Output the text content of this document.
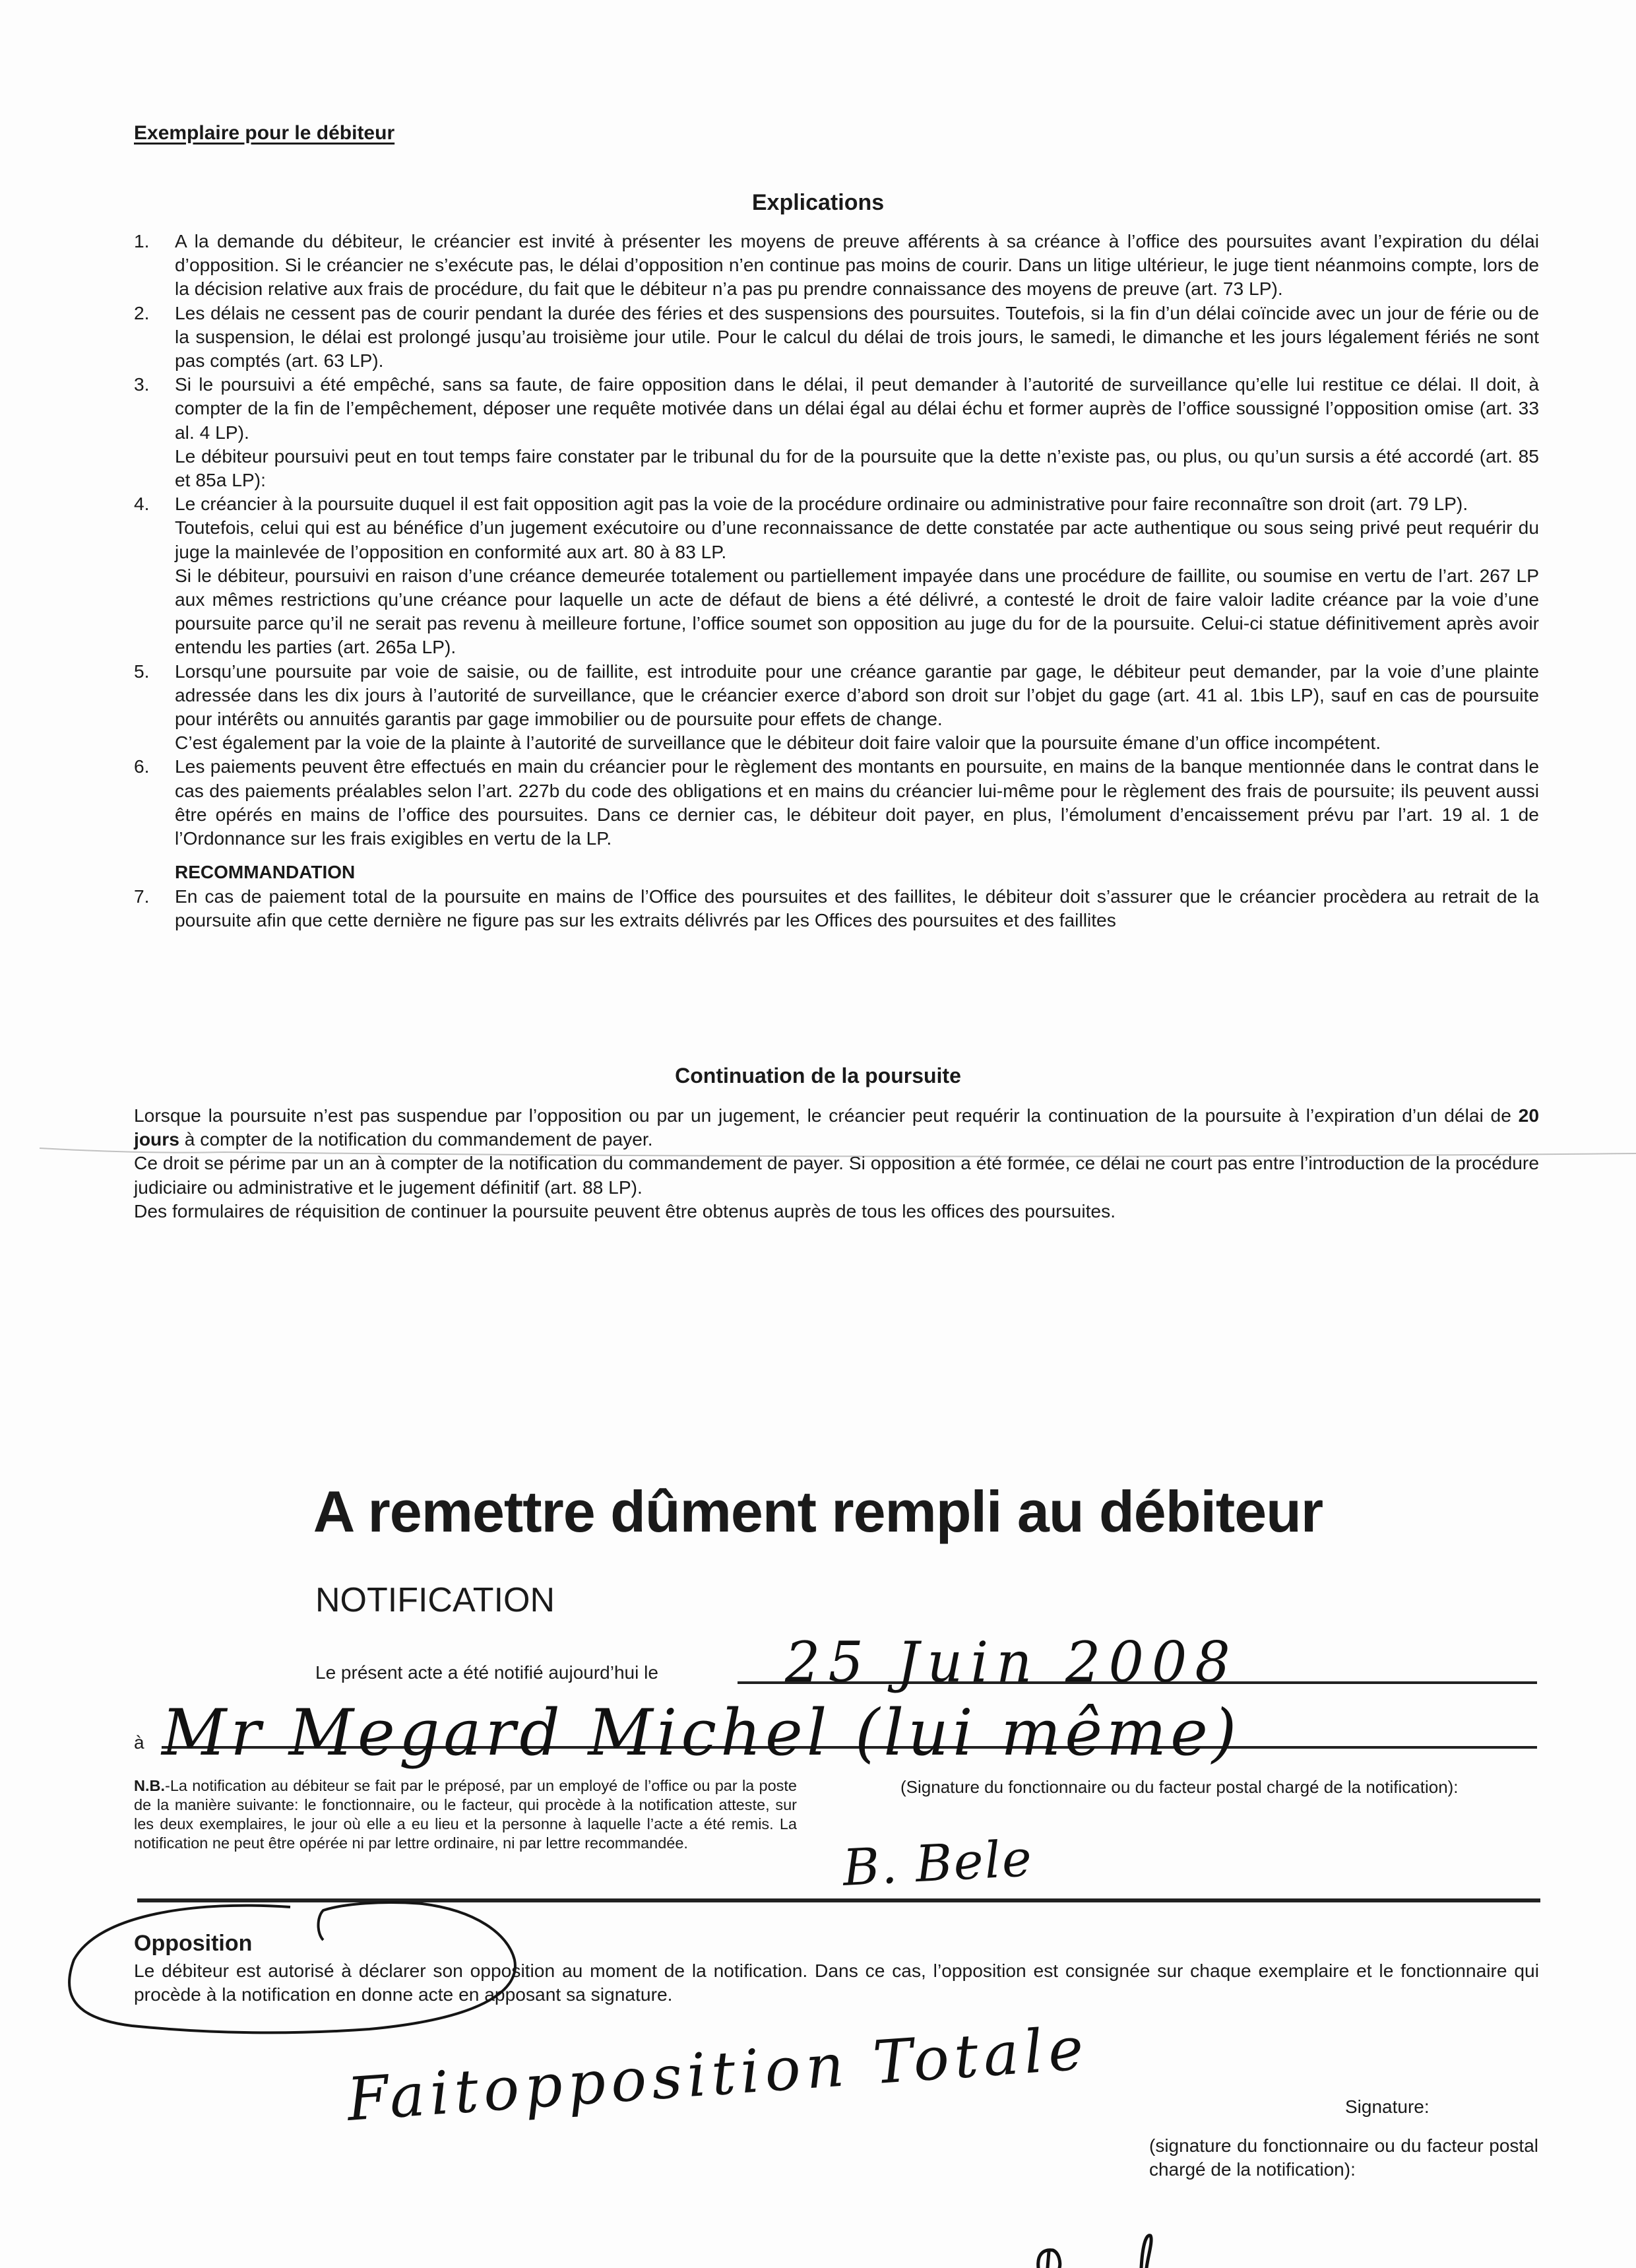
Exemplaire pour le débiteur
Explications
1. A la demande du débiteur, le créancier est invité à présenter les moyens de preuve afférents à sa créance à l’office des poursuites avant l’expiration du délai d’opposition. Si le créancier ne s’exécute pas, le délai d’opposition n’en continue pas moins de courir. Dans un litige ultérieur, le juge tient néanmoins compte, lors de la décision relative aux frais de procédure, du fait que le débiteur n’a pas pu prendre connaissance des moyens de preuve (art. 73 LP).

2. Les délais ne cessent pas de courir pendant la durée des féries et des suspensions des poursuites. Toutefois, si la fin d’un délai coïncide avec un jour de férie ou de la suspension, le délai est prolongé jusqu’au troisième jour utile. Pour le calcul du délai de trois jours, le samedi, le dimanche et les jours légalement fériés ne sont pas comptés (art. 63 LP).

3. Si le poursuivi a été empêché, sans sa faute, de faire opposition dans le délai, il peut demander à l’autorité de surveillance qu’elle lui restitue ce délai. Il doit, à compter de la fin de l’empêchement, déposer une requête motivée dans un délai égal au délai échu et former auprès de l’office soussigné l’opposition omise (art. 33 al. 4 LP).

Le débiteur poursuivi peut en tout temps faire constater par le tribunal du for de la poursuite que la dette n’existe pas, ou plus, ou qu’un sursis a été accordé (art. 85 et 85a LP):

4. Le créancier à la poursuite duquel il est fait opposition agit pas la voie de la procédure ordinaire ou administrative pour faire reconnaître son droit (art. 79 LP).

Toutefois, celui qui est au bénéfice d’un jugement exécutoire ou d’une reconnaissance de dette constatée par acte authentique ou sous seing privé peut requérir du juge la mainlevée de l’opposition en conformité aux art. 80 à 83 LP.

Si le débiteur, poursuivi en raison d’une créance demeurée totalement ou partiellement impayée dans une procédure de faillite, ou soumise en vertu de l’art. 267 LP aux mêmes restrictions qu’une créance pour laquelle un acte de défaut de biens a été délivré, a contesté le droit de faire valoir ladite créance par la voie d’une poursuite parce qu’il ne serait pas revenu à meilleure fortune, l’office soumet son opposition au juge du for de la poursuite. Celui-ci statue définitivement après avoir entendu les parties (art. 265a LP).

5. Lorsqu’une poursuite par voie de saisie, ou de faillite, est introduite pour une créance garantie par gage, le débiteur peut demander, par la voie d’une plainte adressée dans les dix jours à l’autorité de surveillance, que le créancier exerce d’abord son droit sur l’objet du gage (art. 41 al. 1bis LP), sauf en cas de poursuite pour intérêts ou annuités garantis par gage immobilier ou de poursuite pour effets de change.

C’est également par la voie de la plainte à l’autorité de surveillance que le débiteur doit faire valoir que la poursuite émane d’un office incompétent.

6. Les paiements peuvent être effectués en main du créancier pour le règlement des montants en poursuite, en mains de la banque mentionnée dans le contrat dans le cas des paiements préalables selon l’art. 227b du code des obligations et en mains du créancier lui-même pour le règlement des frais de poursuite; ils peuvent aussi être opérés en mains de l’office des poursuites. Dans ce dernier cas, le débiteur doit payer, en plus, l’émolument d’encaissement prévu par l’art. 19 al. 1 de l’Ordonnance sur les frais exigibles en vertu de la LP.

RECOMMANDATION
7. En cas de paiement total de la poursuite en mains de l’Office des poursuites et des faillites, le débiteur doit s’assurer que le créancier procèdera au retrait de la poursuite afin que cette dernière ne figure pas sur les extraits délivrés par les Offices des poursuites et des faillites

Continuation de la poursuite

Lorsque la poursuite n’est pas suspendue par l’opposition ou par un jugement, le créancier peut requérir la continuation de la poursuite à l’expiration d’un délai de 20 jours à compter de la notification du commandement de payer.

Ce droit se périme par un an à compter de la notification du commandement de payer. Si opposition a été formée, ce délai ne court pas entre l’introduction de la procédure judiciaire ou administrative et le jugement définitif (art. 88 LP).

Des formulaires de réquisition de continuer la poursuite peuvent être obtenus auprès de tous les offices des poursuites.

A remettre dûment rempli au débiteur
NOTIFICATION
Le présent acte a été notifié aujourd’hui le 25 Juin 2008
à Mr Megard Michel (lui même)
N.B.-La notification au débiteur se fait par le préposé, par un employé de l’office ou par la poste de la manière suivante: le fonctionnaire, ou le facteur, qui procède à la notification atteste, sur les deux exemplaires, le jour où elle a eu lieu et la personne à laquelle l’acte a été remis. La notification ne peut être opérée ni par lettre ordinaire, ni par lettre recommandée.
(Signature du fonctionnaire ou du facteur postal chargé de la notification):
B. Bele
Opposition
Le débiteur est autorisé à déclarer son opposition au moment de la notification. Dans ce cas, l’opposition est consignée sur chaque exemplaire et le fonctionnaire qui procède à la notification en donne acte en apposant sa signature.
Faitopposition Totale	Signature:
(signature du fonctionnaire ou du facteur postal chargé de la notification):
